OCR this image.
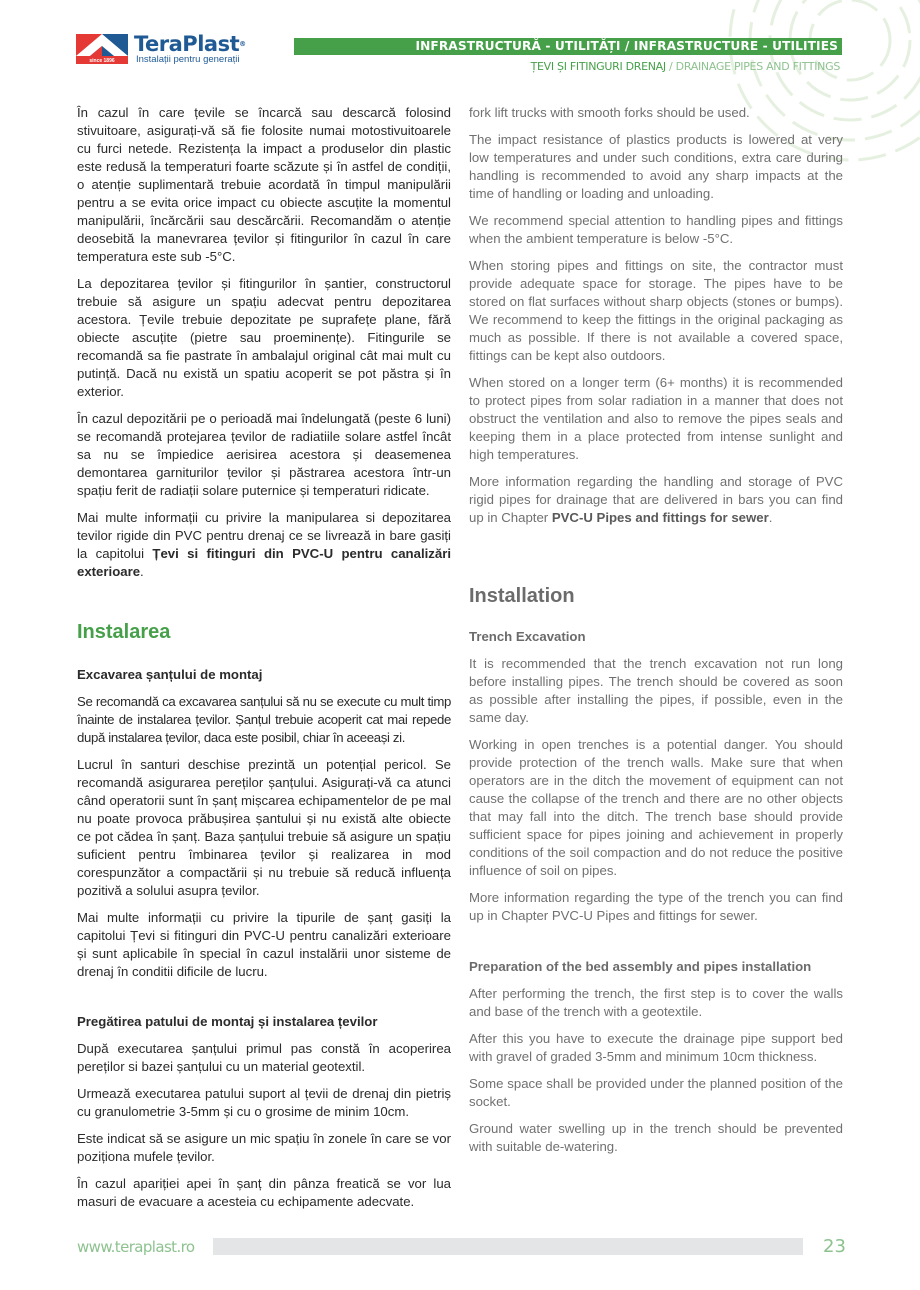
since 1896
TeraPlast®
Instalații pentru generații
INFRASTRUCTURĂ - UTILITĂȚI / INFRASTRUCTURE - UTILITIES
ȚEVI ȘI FITINGURI DRENAJ / DRAINAGE PIPES AND FITTINGS

În cazul în care țevile se încarcă sau descarcă folosind stivuitoare, asigurați-vă să fie folosite numai motostivuitoarele cu furci netede. Rezistența la impact a produselor din plastic este redusă la temperaturi foarte scăzute și în astfel de condiții, o atenție suplimentară trebuie acordată în timpul manipulării pentru a se evita orice impact cu obiecte ascuțite la momentul manipulării, încărcării sau descărcării. Recomandăm o atenție deosebită la manevrarea țevilor și fitingurilor în cazul în care temperatura este sub -5°C.

La depozitarea țevilor și fitingurilor în șantier, constructorul trebuie să asigure un spațiu adecvat pentru depozitarea acestora. Țevile trebuie depozitate pe suprafețe plane, fără obiecte ascuțite (pietre sau proeminențe). Fitingurile se recomandă sa fie pastrate în ambalajul original cât mai mult cu putință. Dacă nu există un spatiu acoperit se pot păstra și în exterior.

În cazul depozitării pe o perioadă mai îndelungată (peste 6 luni) se recomandă protejarea țevilor de radiatiile solare astfel încât sa nu se împiedice aerisirea acestora și deasemenea demontarea garniturilor țevilor și păstrarea acestora într-un spațiu ferit de radiații solare puternice și temperaturi ridicate.

Mai multe informații cu privire la manipularea si depozitarea tevilor rigide din PVC pentru drenaj ce se livrează in bare gasiți la capitolui Țevi si fitinguri din PVC-U pentru canalizări exterioare.

Instalarea
Excavarea șanțului de montaj

Se recomandă ca excavarea sanțului să nu se execute cu mult timp înainte de instalarea țevilor. Șanțul trebuie acoperit cat mai repede după instalarea țevilor, daca este posibil, chiar în aceeași zi.

Lucrul în santuri deschise prezintă un potențial pericol. Se recomandă asigurarea pereților șanțului. Asigurați-vă ca atunci când operatorii sunt în șanț mișcarea echipamentelor de pe mal nu poate provoca prăbușirea șantului și nu există alte obiecte ce pot cădea în șanț. Baza șanțului trebuie să asigure un spațiu suficient pentru îmbinarea țevilor și realizarea in mod corespunzător a compactării și nu trebuie să reducă influența pozitivă a solului asupra țevilor.

Mai multe informații cu privire la tipurile de șanț gasiți la capitolui Țevi si fitinguri din PVC-U pentru canalizări exterioare și sunt aplicabile în special în cazul instalării unor sisteme de drenaj în conditii dificile de lucru.

Pregătirea patului de montaj și instalarea țevilor

După executarea șanțului primul pas constă în acoperirea pereților si bazei șanțului cu un material geotextil.

Urmează executarea patului suport al țevii de drenaj din pietriș cu granulometrie 3-5mm și cu o grosime de minim 10cm.

Este indicat să se asigure un mic spațiu în zonele în care se vor poziționa mufele țevilor.

În cazul apariției apei în șanț din pânza freatică se vor lua masuri de evacuare a acesteia cu echipamente adecvate.

fork lift trucks with smooth forks should be used.

The impact resistance of plastics products is lowered at very low temperatures and under such conditions, extra care during handling is recommended to avoid any sharp impacts at the time of handling or loading and unloading.

We recommend special attention to handling pipes and fittings when the ambient temperature is below -5°C.

When storing pipes and fittings on site, the contractor must provide adequate space for storage. The pipes have to be stored on flat surfaces without sharp objects (stones or bumps). We recommend to keep the fittings in the original packaging as much as possible. If there is not available a covered space, fittings can be kept also outdoors.

When stored on a longer term (6+ months) it is recommended to protect pipes from solar radiation in a manner that does not obstruct the ventilation and also to remove the pipes seals and keeping them in a place protected from intense sunlight and high temperatures.

More information regarding the handling and storage of PVC rigid pipes for drainage that are delivered in bars you can find up in Chapter PVC-U Pipes and fittings for sewer.

Installation
Trench Excavation

It is recommended that the trench excavation not run long before installing pipes. The trench should be covered as soon as possible after installing the pipes, if possible, even in the same day.

Working in open trenches is a potential danger. You should provide protection of the trench walls. Make sure that when operators are in the ditch the movement of equipment can not cause the collapse of the trench and there are no other objects that may fall into the ditch. The trench base should provide sufficient space for pipes joining and achievement in properly conditions of the soil compaction and do not reduce the positive influence of soil on pipes.

More information regarding the type of the trench you can find up in Chapter PVC-U Pipes and fittings for sewer.

Preparation of the bed assembly and pipes installation

After performing the trench, the first step is to cover the walls and base of the trench with a geotextile.

After this you have to execute the drainage pipe support bed with gravel of graded 3-5mm and minimum 10cm thickness.

Some space shall be provided under the planned position of the socket.

Ground water swelling up in the trench should be prevented with suitable de-watering.

www.teraplast.ro	23
